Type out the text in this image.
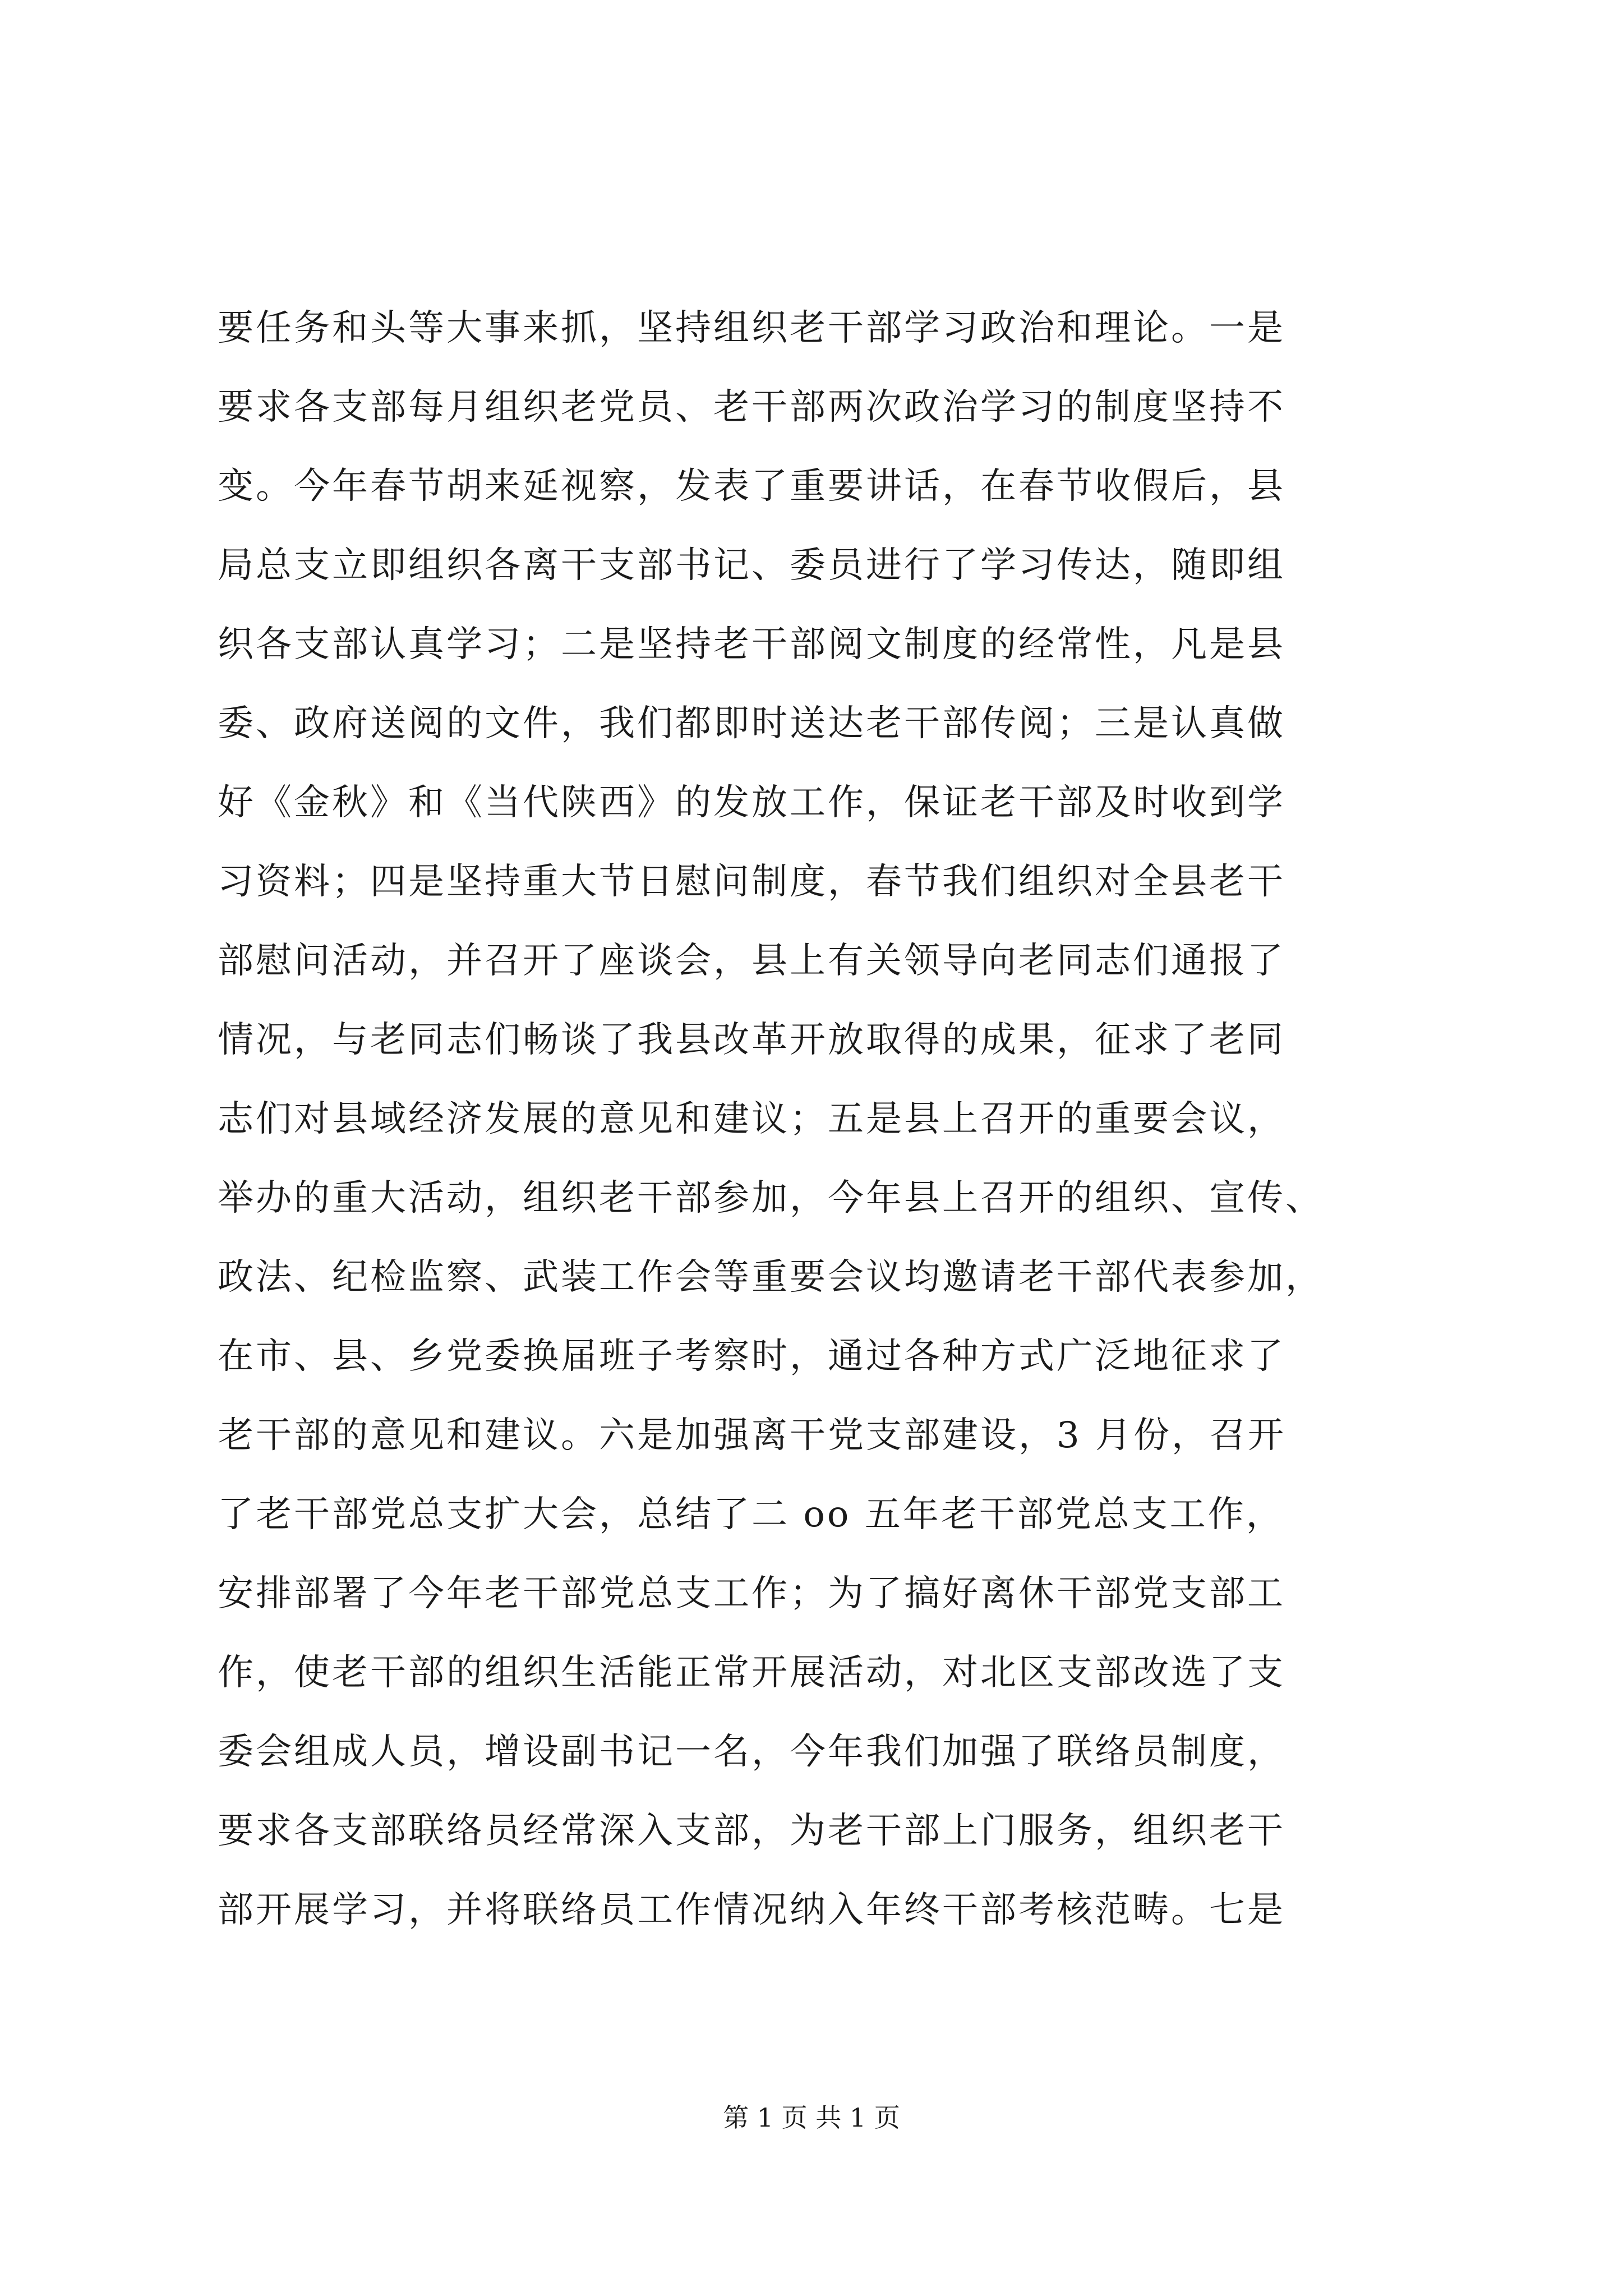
要任务和头等大事来抓，坚持组织老干部学习政治和理论。一是
要求各支部每月组织老党员、老干部两次政治学习的制度坚持不
变。今年春节胡来延视察，发表了重要讲话，在春节收假后，县
局总支立即组织各离干支部书记、委员进行了学习传达，随即组
织各支部认真学习；二是坚持老干部阅文制度的经常性，凡是县
委、政府送阅的文件，我们都即时送达老干部传阅；三是认真做
好《金秋》和《当代陕西》的发放工作，保证老干部及时收到学
习资料；四是坚持重大节日慰问制度，春节我们组织对全县老干
部慰问活动，并召开了座谈会，县上有关领导向老同志们通报了
情况，与老同志们畅谈了我县改革开放取得的成果，征求了老同
志们对县域经济发展的意见和建议；五是县上召开的重要会议，
举办的重大活动，组织老干部参加，今年县上召开的组织、宣传、
政法、纪检监察、武装工作会等重要会议均邀请老干部代表参加，
在市、县、乡党委换届班子考察时，通过各种方式广泛地征求了
老干部的意见和建议。六是加强离干党支部建设，3 月份，召开
了老干部党总支扩大会，总结了二 oo 五年老干部党总支工作，
安排部署了今年老干部党总支工作；为了搞好离休干部党支部工
作，使老干部的组织生活能正常开展活动，对北区支部改选了支
委会组成人员，增设副书记一名，今年我们加强了联络员制度，
要求各支部联络员经常深入支部，为老干部上门服务，组织老干
部开展学习，并将联络员工作情况纳入年终干部考核范畴。七是
第 1 页 共 1 页
